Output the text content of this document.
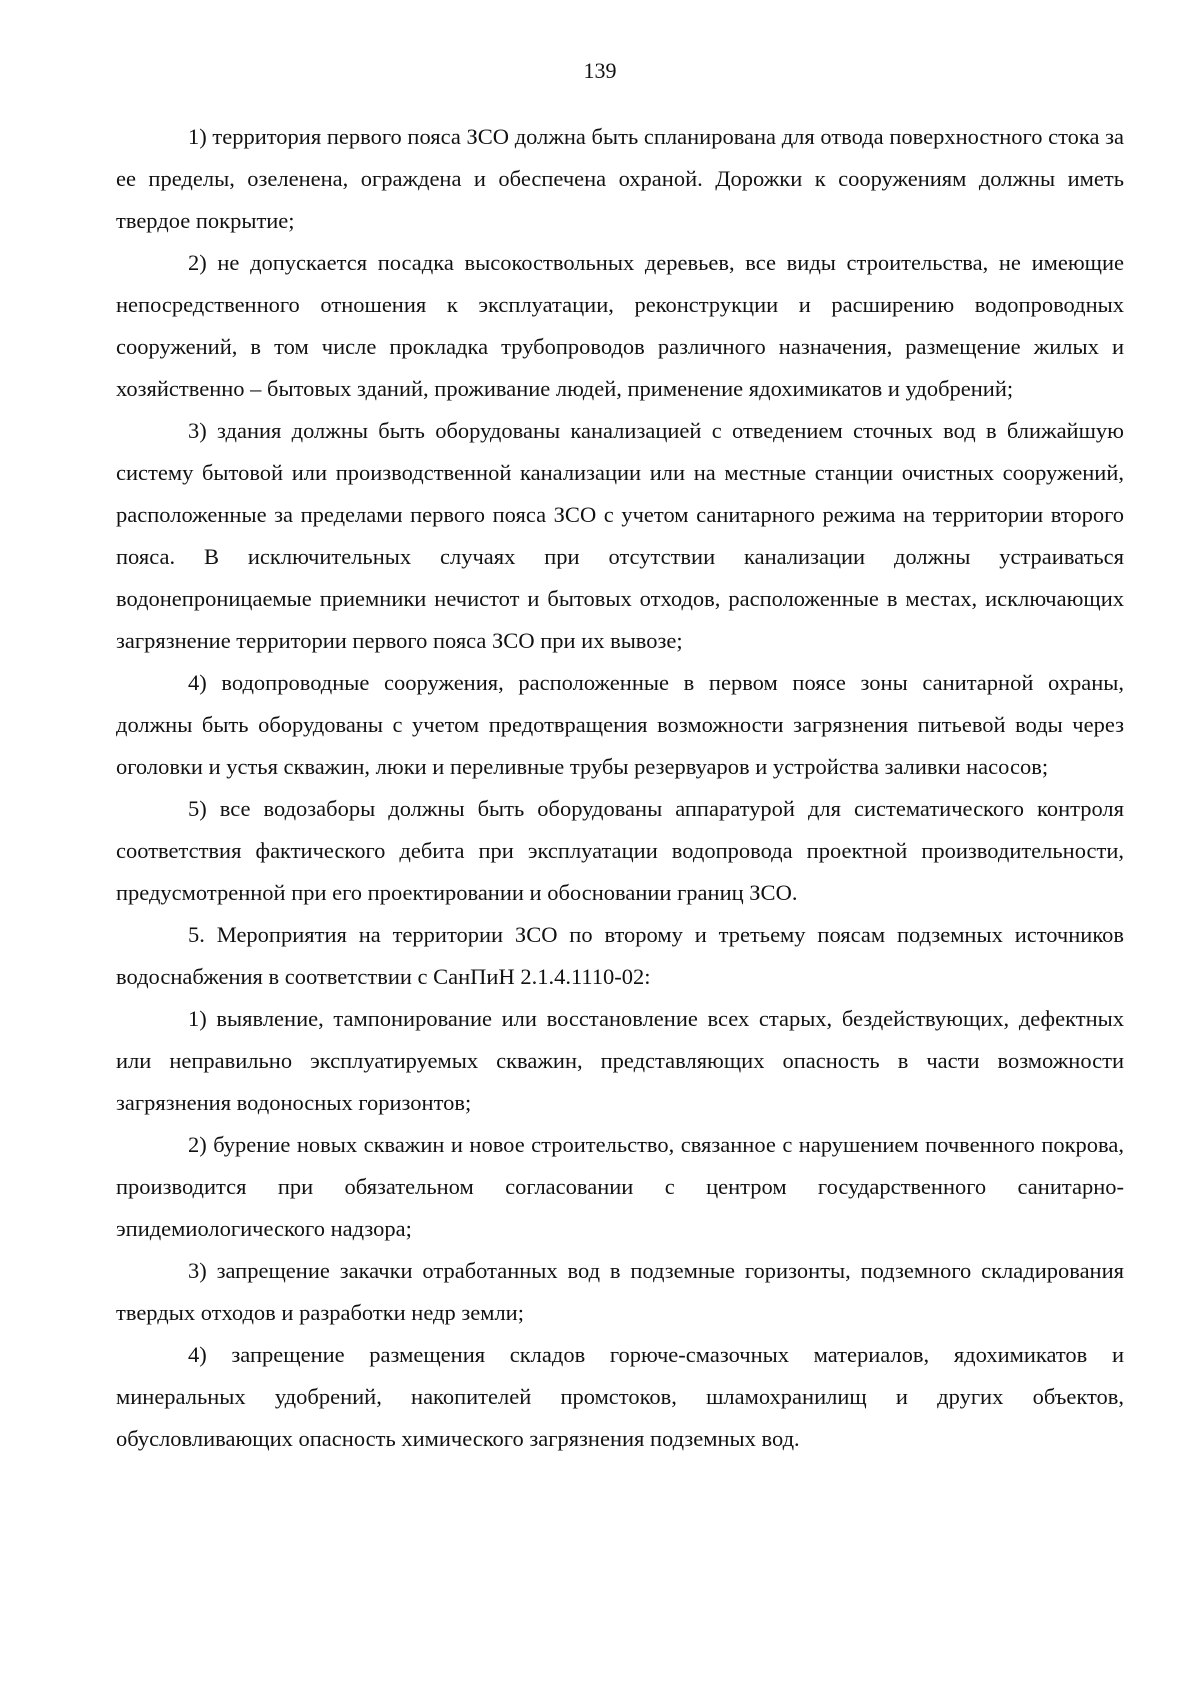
139

1) территория первого пояса ЗСО должна быть спланирована для отвода поверхностного стока за ее пределы, озеленена, ограждена и обеспечена охраной. Дорожки к сооружениям должны иметь твердое покрытие;

2) не допускается посадка высокоствольных деревьев, все виды строительства, не имеющие непосредственного отношения к эксплуатации, реконструкции и расширению водопроводных сооружений, в том числе прокладка трубопроводов различного назначения, размещение жилых и хозяйственно – бытовых зданий, проживание людей, применение ядохимикатов и удобрений;

3) здания должны быть оборудованы канализацией с отведением сточных вод в ближайшую систему бытовой или производственной канализации или на местные станции очистных сооружений, расположенные за пределами первого пояса ЗСО с учетом санитарного режима на территории второго пояса. В исключительных случаях при отсутствии канализации должны устраиваться водонепроницаемые приемники нечистот и бытовых отходов, расположенные в местах, исключающих загрязнение территории первого пояса ЗСО при их вывозе;

4) водопроводные сооружения, расположенные в первом поясе зоны санитарной охраны, должны быть оборудованы с учетом предотвращения возможности загрязнения питьевой воды через оголовки и устья скважин, люки и переливные трубы резервуаров и устройства заливки насосов;

5) все водозаборы должны быть оборудованы аппаратурой для систематического контроля соответствия фактического дебита при эксплуатации водопровода проектной производительности, предусмотренной при его проектировании и обосновании границ ЗСО.

5. Мероприятия на территории ЗСО по второму и третьему поясам подземных источников водоснабжения в соответствии с СанПиН 2.1.4.1110-02:

1) выявление, тампонирование или восстановление всех старых, бездействующих, дефектных или неправильно эксплуатируемых скважин, представляющих опасность в части возможности загрязнения водоносных горизонтов;

2) бурение новых скважин и новое строительство, связанное с нарушением почвенного покрова, производится при обязательном согласовании с центром государственного санитарно-эпидемиологического надзора;

3) запрещение закачки отработанных вод в подземные горизонты, подземного складирования твердых отходов и разработки недр земли;

4) запрещение размещения складов горюче-смазочных материалов, ядохимикатов и минеральных удобрений, накопителей промстоков, шламохранилищ и других объектов, обусловливающих опасность химического загрязнения подземных вод.
